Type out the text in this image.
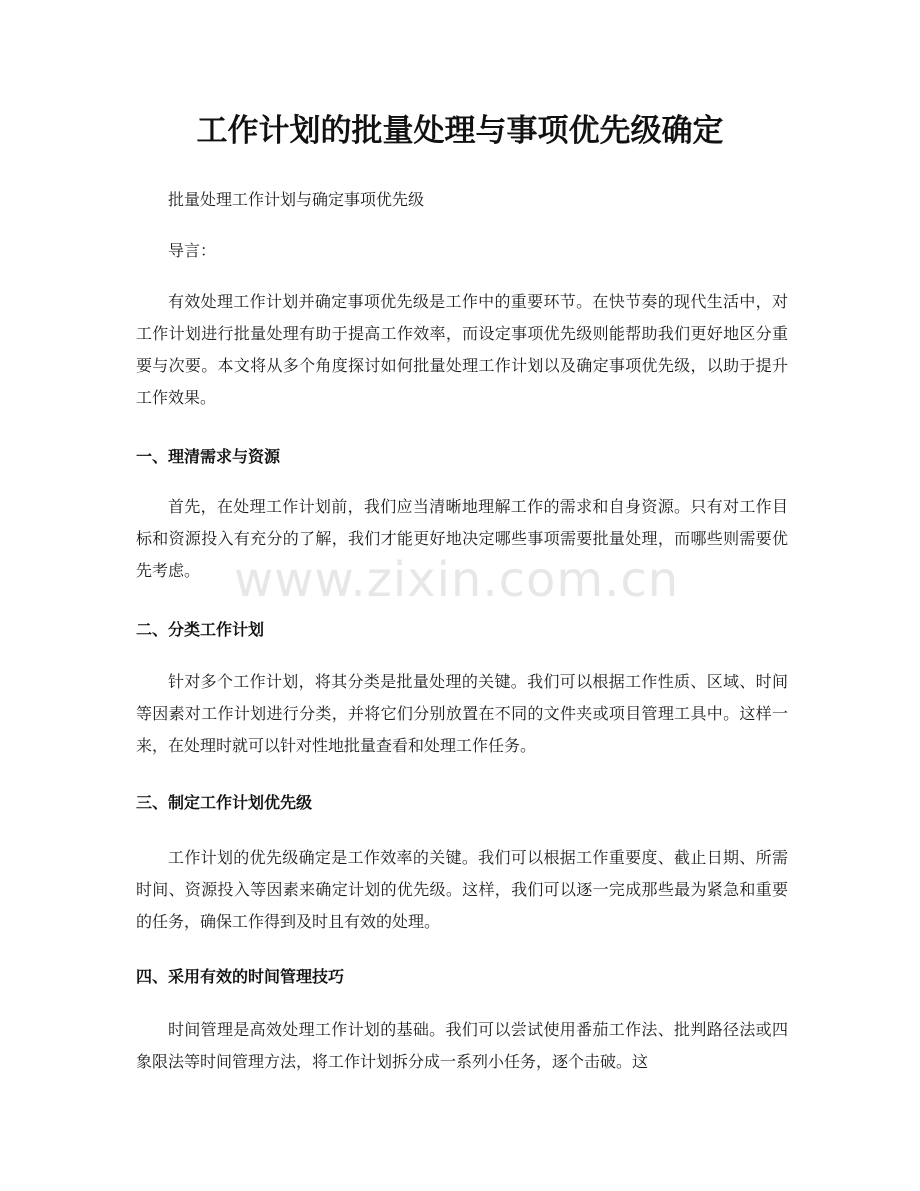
工作计划的批量处理与事项优先级确定

批量处理工作计划与确定事项优先级

导言：

有效处理工作计划并确定事项优先级是工作中的重要环节。在快节奏的现代生活中，对工作计划进行批量处理有助于提高工作效率，而设定事项优先级则能帮助我们更好地区分重要与次要。本文将从多个角度探讨如何批量处理工作计划以及确定事项优先级，以助于提升工作效果。

一、理清需求与资源

首先，在处理工作计划前，我们应当清晰地理解工作的需求和自身资源。只有对工作目标和资源投入有充分的了解，我们才能更好地决定哪些事项需要批量处理，而哪些则需要优先考虑。

二、分类工作计划

针对多个工作计划，将其分类是批量处理的关键。我们可以根据工作性质、区域、时间等因素对工作计划进行分类，并将它们分别放置在不同的文件夹或项目管理工具中。这样一来，在处理时就可以针对性地批量查看和处理工作任务。

三、制定工作计划优先级

工作计划的优先级确定是工作效率的关键。我们可以根据工作重要度、截止日期、所需时间、资源投入等因素来确定计划的优先级。这样，我们可以逐一完成那些最为紧急和重要的任务，确保工作得到及时且有效的处理。

四、采用有效的时间管理技巧

时间管理是高效处理工作计划的基础。我们可以尝试使用番茄工作法、批判路径法或四象限法等时间管理方法，将工作计划拆分成一系列小任务，逐个击破。这

www.zixin.com.cn
